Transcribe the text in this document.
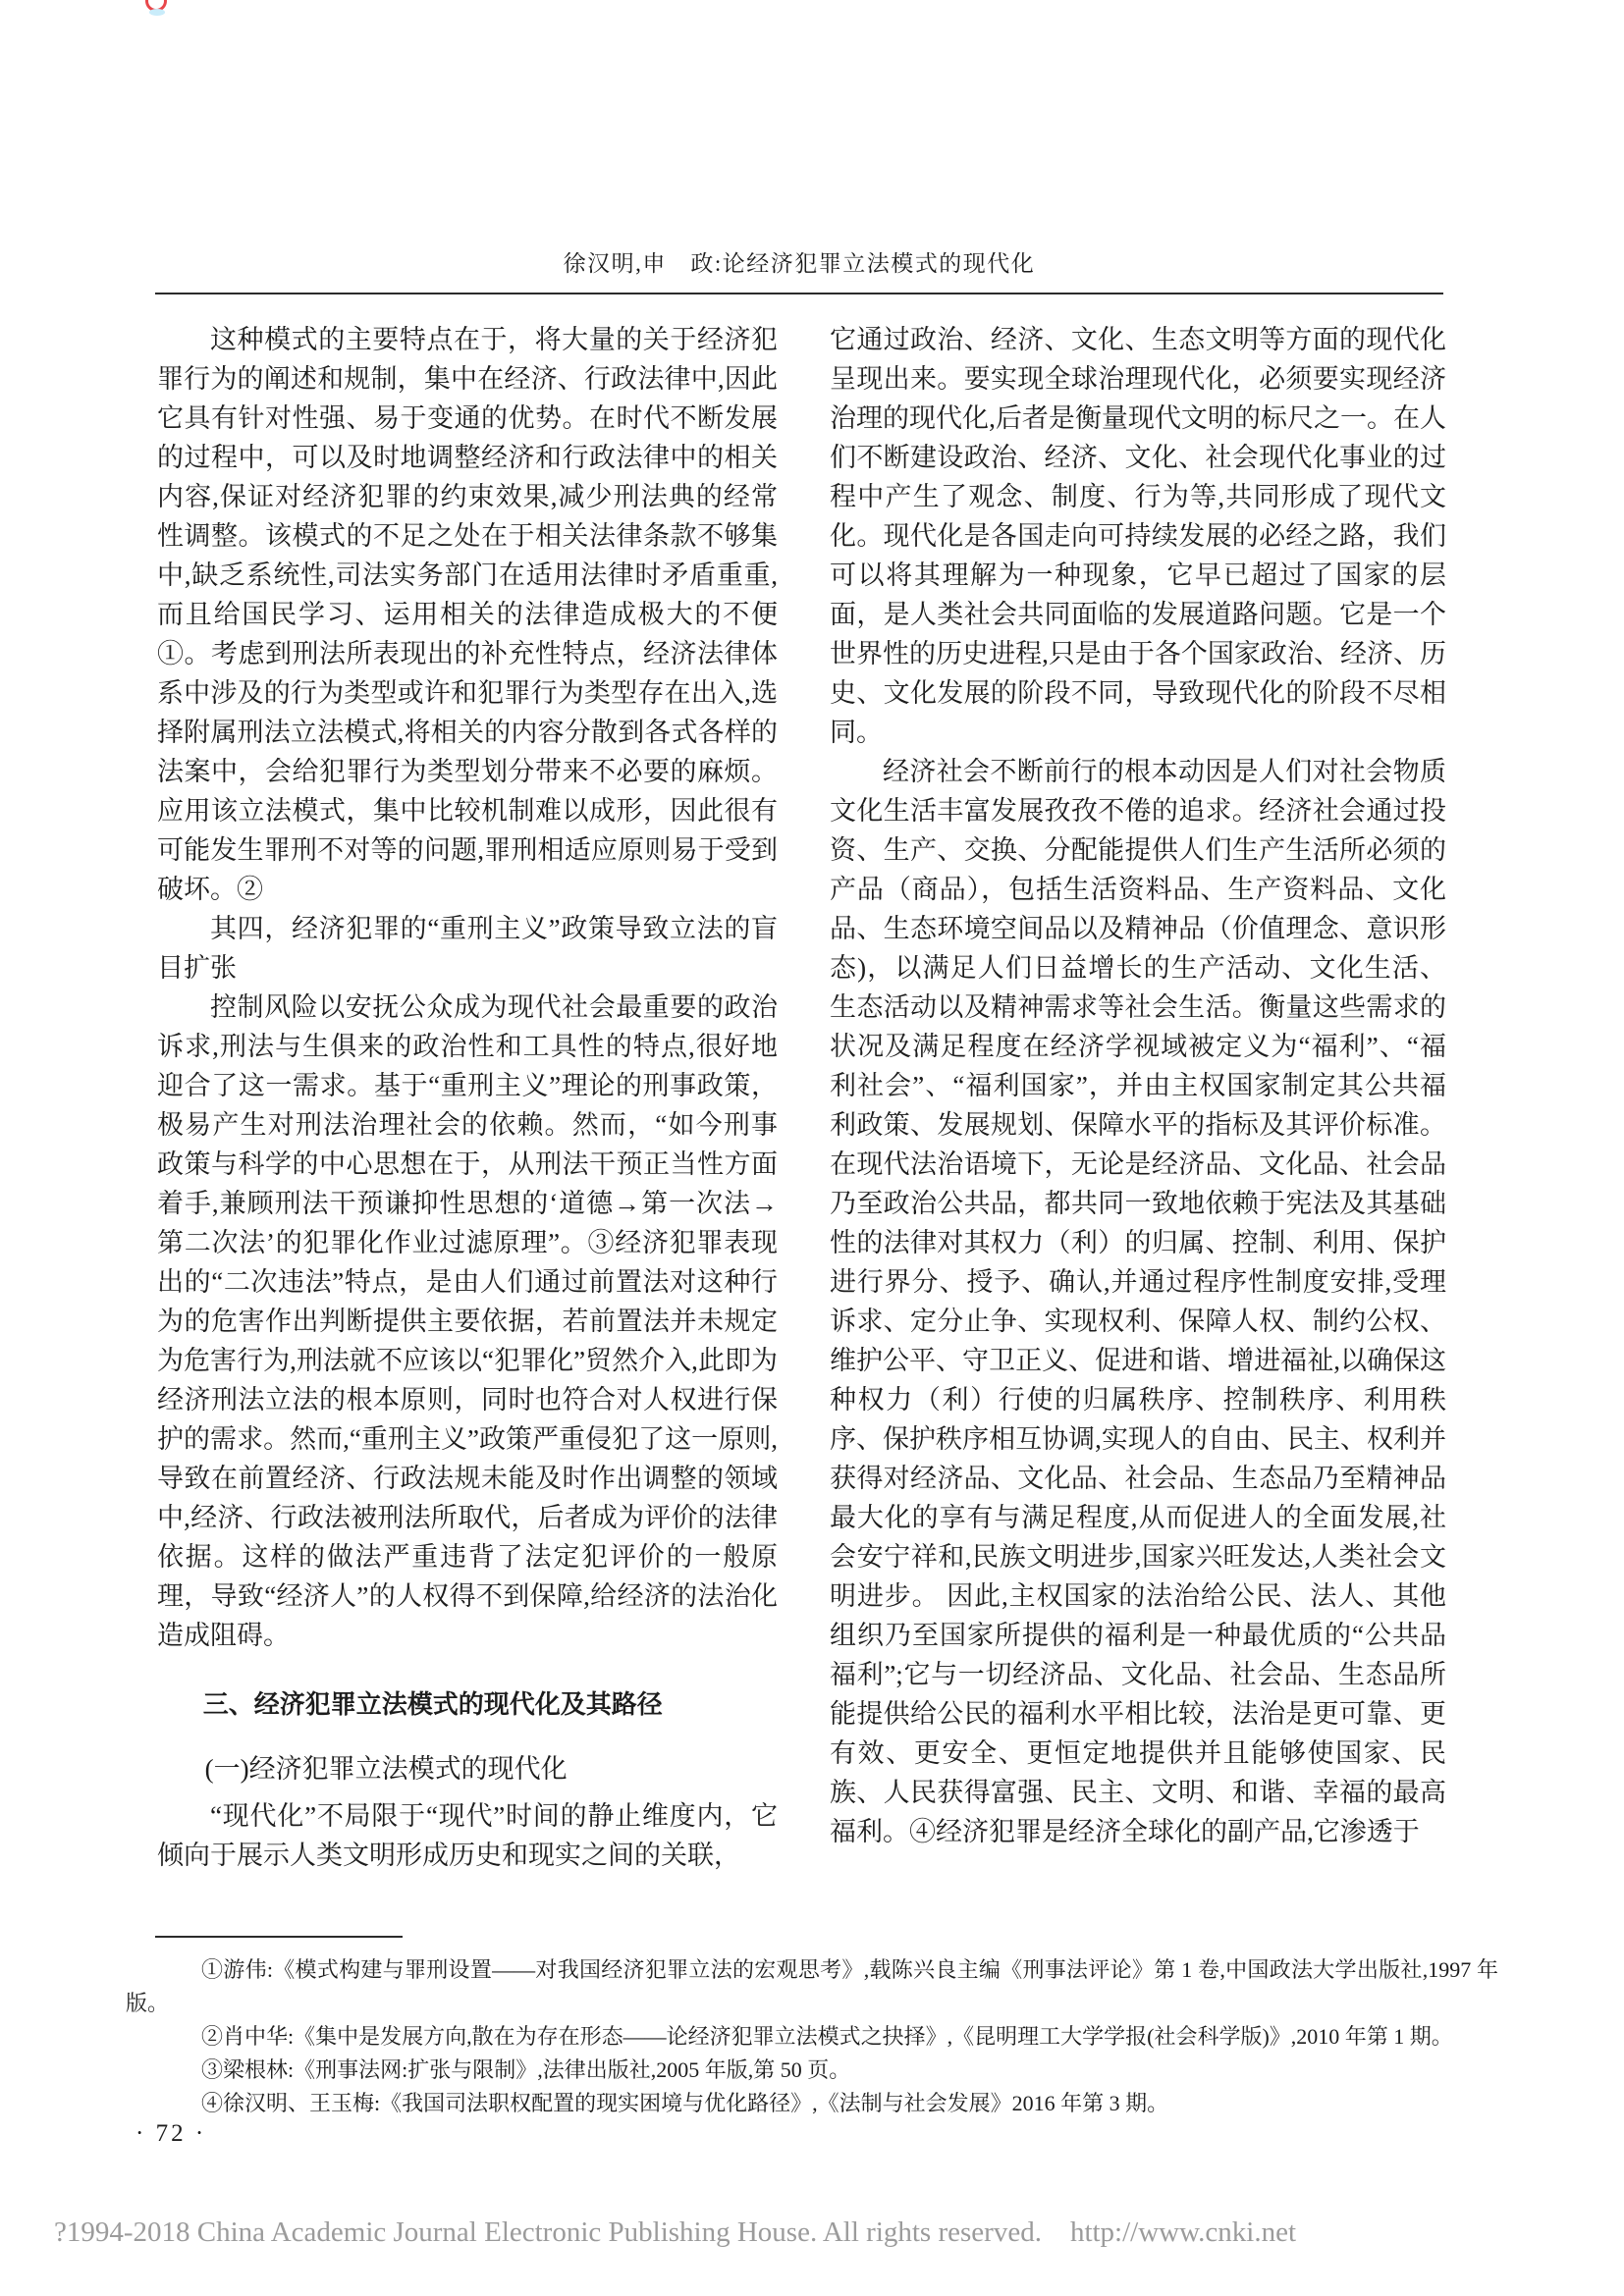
徐汉明,申　政:论经济犯罪立法模式的现代化

这种模式的主要特点在于，将大量的关于经济犯罪行为的阐述和规制，集中在经济、行政法律中,因此它具有针对性强、易于变通的优势。在时代不断发展的过程中，可以及时地调整经济和行政法律中的相关内容,保证对经济犯罪的约束效果,减少刑法典的经常性调整。该模式的不足之处在于相关法律条款不够集中,缺乏系统性,司法实务部门在适用法律时矛盾重重,而且给国民学习、运用相关的法律造成极大的不便①。考虑到刑法所表现出的补充性特点，经济法律体系中涉及的行为类型或许和犯罪行为类型存在出入,选择附属刑法立法模式,将相关的内容分散到各式各样的法案中，会给犯罪行为类型划分带来不必要的麻烦。应用该立法模式，集中比较机制难以成形，因此很有可能发生罪刑不对等的问题,罪刑相适应原则易于受到破坏。②

其四，经济犯罪的“重刑主义”政策导致立法的盲目扩张

控制风险以安抚公众成为现代社会最重要的政治诉求,刑法与生俱来的政治性和工具性的特点,很好地迎合了这一需求。基于“重刑主义”理论的刑事政策，极易产生对刑法治理社会的依赖。然而，“如今刑事政策与科学的中心思想在于，从刑法干预正当性方面着手,兼顾刑法干预谦抑性思想的‘道德→第一次法→第二次法’的犯罪化作业过滤原理”。③经济犯罪表现出的“二次违法”特点，是由人们通过前置法对这种行为的危害作出判断提供主要依据，若前置法并未规定为危害行为,刑法就不应该以“犯罪化”贸然介入,此即为经济刑法立法的根本原则，同时也符合对人权进行保护的需求。然而,“重刑主义”政策严重侵犯了这一原则,导致在前置经济、行政法规未能及时作出调整的领域中,经济、行政法被刑法所取代，后者成为评价的法律依据。这样的做法严重违背了法定犯评价的一般原理，导致“经济人”的人权得不到保障,给经济的法治化造成阻碍。

三、经济犯罪立法模式的现代化及其路径

(一)经济犯罪立法模式的现代化

“现代化”不局限于“现代”时间的静止维度内，它倾向于展示人类文明形成历史和现实之间的关联，

它通过政治、经济、文化、生态文明等方面的现代化呈现出来。要实现全球治理现代化，必须要实现经济治理的现代化,后者是衡量现代文明的标尺之一。在人们不断建设政治、经济、文化、社会现代化事业的过程中产生了观念、制度、行为等,共同形成了现代文化。现代化是各国走向可持续发展的必经之路，我们可以将其理解为一种现象，它早已超过了国家的层面，是人类社会共同面临的发展道路问题。它是一个世界性的历史进程,只是由于各个国家政治、经济、历史、文化发展的阶段不同，导致现代化的阶段不尽相同。

经济社会不断前行的根本动因是人们对社会物质文化生活丰富发展孜孜不倦的追求。经济社会通过投资、生产、交换、分配能提供人们生产生活所必须的产品（商品），包括生活资料品、生产资料品、文化品、生态环境空间品以及精神品（价值理念、意识形态)，以满足人们日益增长的生产活动、文化生活、生态活动以及精神需求等社会生活。衡量这些需求的状况及满足程度在经济学视域被定义为“福利”、“福利社会”、“福利国家”，并由主权国家制定其公共福利政策、发展规划、保障水平的指标及其评价标准。在现代法治语境下，无论是经济品、文化品、社会品乃至政治公共品，都共同一致地依赖于宪法及其基础性的法律对其权力（利）的归属、控制、利用、保护进行界分、授予、确认,并通过程序性制度安排,受理诉求、定分止争、实现权利、保障人权、制约公权、维护公平、守卫正义、促进和谐、增进福祉,以确保这种权力（利）行使的归属秩序、控制秩序、利用秩序、保护秩序相互协调,实现人的自由、民主、权利并获得对经济品、文化品、社会品、生态品乃至精神品最大化的享有与满足程度,从而促进人的全面发展,社会安宁祥和,民族文明进步,国家兴旺发达,人类社会文明进步。 因此,主权国家的法治给公民、法人、其他组织乃至国家所提供的福利是一种最优质的“公共品福利”;它与一切经济品、文化品、社会品、生态品所能提供给公民的福利水平相比较，法治是更可靠、更有效、更安全、更恒定地提供并且能够使国家、民族、人民获得富强、民主、文明、和谐、幸福的最高福利。④经济犯罪是经济全球化的副产品,它渗透于

①游伟:《模式构建与罪刑设置——对我国经济犯罪立法的宏观思考》,载陈兴良主编《刑事法评论》第 1 卷,中国政法大学出版社,1997 年版。

②肖中华:《集中是发展方向,散在为存在形态——论经济犯罪立法模式之抉择》,《昆明理工大学学报(社会科学版)》,2010 年第 1 期。

③梁根林:《刑事法网:扩张与限制》,法律出版社,2005 年版,第 50 页。

④徐汉明、王玉梅:《我国司法职权配置的现实困境与优化路径》,《法制与社会发展》2016 年第 3 期。

· 72 ·
?1994-2018 China Academic Journal Electronic Publishing House. All rights reserved.    http://www.cnki.net
